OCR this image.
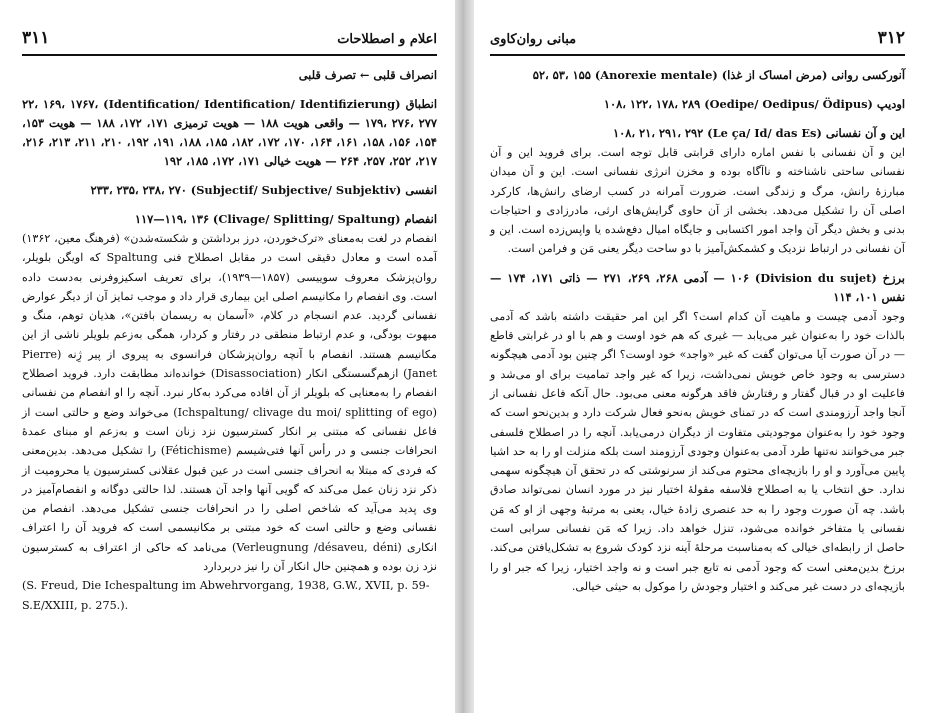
اعلام و اصطلاحات
۳۱۱
انصراف قلبی ← تصرف قلبی
انطباق (Identification/ Identification/ Identifizierung) ۲۲، ۱۶۹، ۱۷۶۷، ۱۷۹، ۲۷۶، ۲۷۷ — واقعی هویت ۱۸۸ — هویت ترمیزی ۱۷۱، ۱۷۲، ۱۸۸ — هویت ۱۵۳، ۱۵۴، ۱۵۶، ۱۵۸، ۱۶۱، ۱۶۴، ۱۷۰، ۱۷۲، ۱۸۲، ۱۸۵، ۱۸۸، ۱۹۱، ۱۹۲، ۲۱۰، ۲۱۱، ۲۱۳، ۲۱۶، ۲۱۷، ۲۵۲، ۲۵۷، ۲۶۴ — هویت خیالی ۱۷۱، ۱۷۲، ۱۸۵، ۱۹۲
انفسی (Subjectif/ Subjective/ Subjektiv) ۲۳۳، ۲۳۵، ۲۳۸، ۲۷۰
انفصام (Clivage/ Splitting/ Spaltung) ۱۱۷—۱۱۹، ۱۳۶

انفصام در لغت به‌معنای «ترک‌خوردن، درز برداشتن و شکسته‌شدن» (فرهنگ معین، ۱۳۶۲) آمده است و معادل دقیقی است در مقابل اصطلاح فنی Spaltung که اویگن بلویلر، روان‌پزشک معروف سوییسی (۱۸۵۷—۱۹۳۹)، برای تعریف اسکیزوفرنی به‌دست داده است. وی انفصام را مکانیسم اصلی این بیماری قرار داد و موجب تمایز آن از دیگر عوارض نفسانی گردید. عدم انسجام در کلام، «آسمان به ریسمان بافتن»، هذیان توهم، منگ و مبهوت بودگی، و عدم ارتباط منطقی در رفتار و کردار، همگی به‌زعم بلویلر ناشی از این مکانیسم هستند. انفصام با آنچه روان‌پزشکان فرانسوی به پیروی از پیر ژِنه (Pierre Janet) ازهم‌گسستگی انکار (Disassociation) خوانده‌اند مطابقت دارد. فروید اصطلاح انفصام را به‌معنایی که بلویلر از آن افاده می‌کرد به‌کار نبرد. آنچه را او انفصام من نفسانی (Ichspaltung/ clivage du moi/ splitting of ego) می‌خواند وضع و حالتی است از فاعل نفسانی که مبتنی بر انکار کسترسیون نزد زنان است و به‌زعم او مبنای عمدهٔ انحرافات جنسی و در رأس آنها فتی‌شیسم (Fétichisme) را تشکیل می‌دهد. بدین‌معنی که فردی که مبتلا به انحراف جنسی است در عین قبول عقلانی کسترسیون یا محرومیت از ذکر نزد زنان عمل می‌کند که گویی آنها واجد آن هستند. لذا حالتی دوگانه و انفصام‌آمیز در وی پدید می‌آید که شاخص اصلی را در انحرافات جنسی تشکیل می‌دهد. انفصام من نفسانی وضع و حالتی است که خود مبتنی بر مکانیسمی است که فروید آن را اعتراف انکاری (Verleugnung /désaveu, déni) می‌نامد که حاکی از اعتراف به کسترسیون نزد زن بوده و همچنین حال انکار آن را نیز دربردارد

(S. Freud, Die Ichespaltung im Abwehrvorgang, 1938, G.W., XVII, p. 59-S.E/XXIII, p. 275.).

۳۱۲
مبانی روان‌کاوی
آنورکسی روانی (مرض امساک از غذا) (Anorexie mentale) ۵۲، ۵۳، ۱۵۵
اودیپ (Oedipe/ Oedipus/ Ödipus) ۱۰۸، ۱۲۲، ۱۷۸، ۲۸۹
این و آن نفسانی (Le ça/ Id/ das Es) ۱۰۸، ۲۱، ۲۹۱، ۲۹۲

این و آن نفسانی با نفس اماره دارای قرابتی قابل توجه است. برای فروید این و آن نفسانی ساحتی ناشناخته و ناآگاه بوده و مخزن انرژی نفسانی است. این و آن میدان مبارزهٔ رانش، مرگ و زندگی است. ضرورت آمرانه در کسب ارضای رانش‌ها، کارکرد اصلی آن را تشکیل می‌دهد. بخشی از آن حاوی گرایش‌های ارثی، مادرزادی و احتیاجات بدنی و بخش دیگر آن واجد امور اکتسابی و جایگاه امیال دفع‌شده یا واپس‌زده است. این و آن نفسانی در ارتباط نزدیک و کشمکش‌آمیز با دو ساحت دیگر یعنی مَن و فرامن است.

برزخ (Division du sujet) ۱۰۶ — آدمی ۲۶۸، ۲۶۹، ۲۷۱ — ذاتی ۱۷۱، ۱۷۴ — نفس ۱۰۱، ۱۱۴

وجود آدمی چیست و ماهیت آن کدام است؟ اگر این امر حقیقت داشته باشد که آدمی بالذات خود را به‌عنوان غیر می‌یابد — غیری که هم خود اوست و هم با او در غرابتی قاطع — در آن صورت آیا می‌توان گفت که غیر «واجد» خود اوست؟ اگر چنین بود آدمی هیچگونه دسترسی به وجود خاص خویش نمی‌داشت، زیرا که غیر واجد تمامیت برای او می‌شد و فاعلیت او در قبال گفتار و رفتارش فاقد هرگونه معنی می‌بود. حال آنکه فاعل نفسانی از آنجا واجد آرزومندی است که در تمنای خویش به‌نحو فعال شرکت دارد و بدین‌نحو است که وجود خود را به‌عنوان موجودیتی متفاوت از دیگران درمی‌یابد. آنچه را در اصطلاح فلسفی جبر می‌خوانند نه‌تنها طرد آدمی به‌عنوان وجودی آرزومند است بلکه منزلت او را به حد اشیا پایین می‌آورد و او را بازیچه‌ای محتوم می‌کند از سرنوشتی که در تحقق آن هیچگونه سهمی ندارد. حق انتخاب یا به اصطلاح فلاسفه مقولهٔ اختیار نیز در مورد انسان نمی‌تواند صادق باشد. چه آن صورت وجود را به حد عنصری زادهٔ خیال، یعنی به مرتبهٔ وجهی از او که مَن نفسانی یا متفاخر خوانده می‌شود، تنزل خواهد داد. زیرا که مَن نفسانی سرابی است حاصل از رابطه‌ای خیالی که به‌مناسبت مرحلهٔ آینه نزد کودک شروع به تشکل‌یافتن می‌کند. برزخ بدین‌معنی است که وجود آدمی نه تابع جبر است و نه واجد اختیار، زیرا که جبر او را بازیچه‌ای در دست غیر می‌کند و اختیار وجودش را موکول به حیثی خیالی.
